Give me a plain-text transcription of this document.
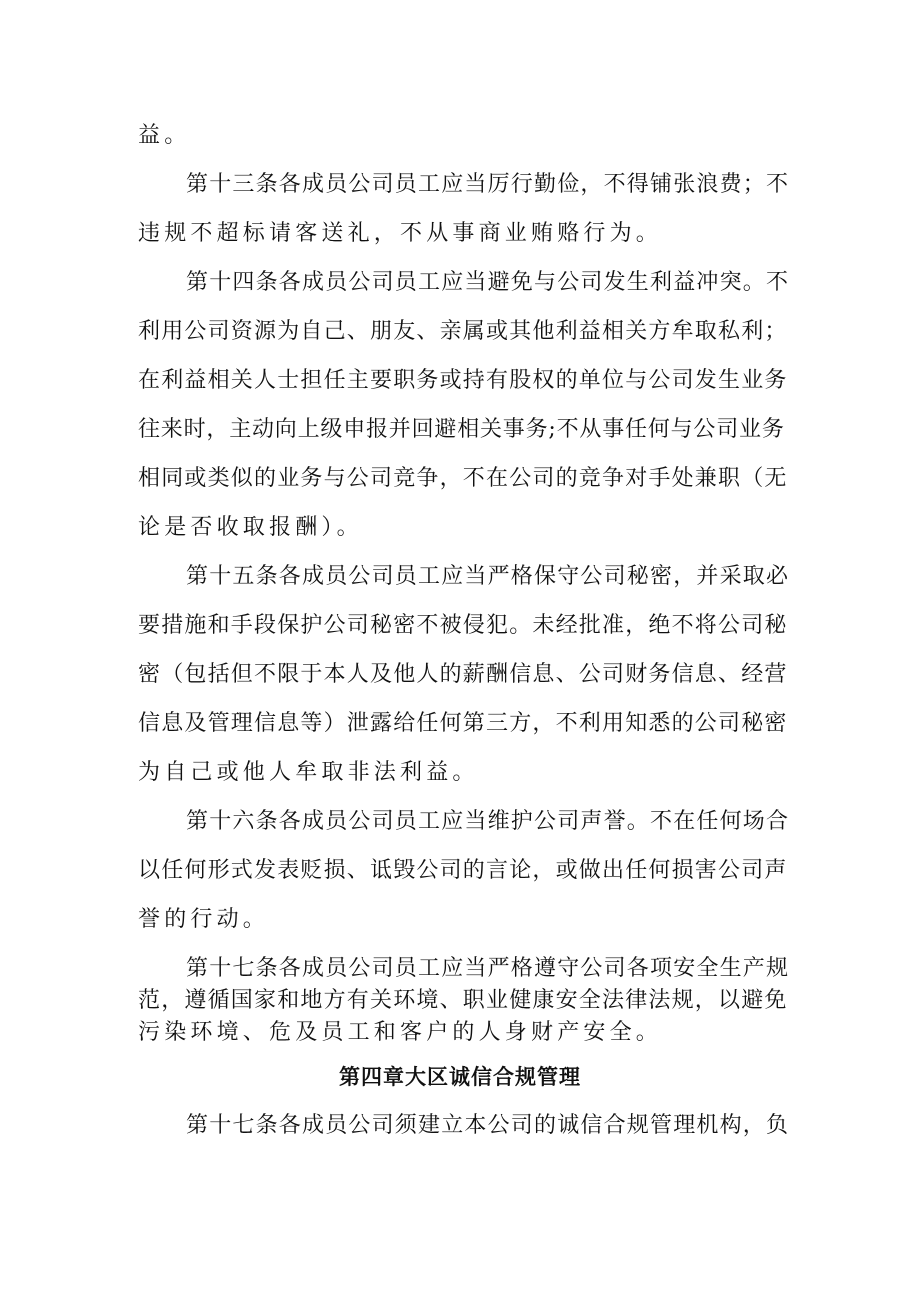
益。
第十三条各成员公司员工应当厉行勤俭，不得铺张浪费；不
违规不超标请客送礼，不从事商业贿赂行为。
第十四条各成员公司员工应当避免与公司发生利益冲突。不
利用公司资源为自己、朋友、亲属或其他利益相关方牟取私利；
在利益相关人士担任主要职务或持有股权的单位与公司发生业务
往来时，主动向上级申报并回避相关事务;不从事任何与公司业务
相同或类似的业务与公司竞争，不在公司的竞争对手处兼职（无
论是否收取报酬）。
第十五条各成员公司员工应当严格保守公司秘密，并采取必
要措施和手段保护公司秘密不被侵犯。未经批准，绝不将公司秘
密（包括但不限于本人及他人的薪酬信息、公司财务信息、经营
信息及管理信息等）泄露给任何第三方，不利用知悉的公司秘密
为自己或他人牟取非法利益。
第十六条各成员公司员工应当维护公司声誉。不在任何场合
以任何形式发表贬损、诋毁公司的言论，或做出任何损害公司声
誉的行动。
第十七条各成员公司员工应当严格遵守公司各项安全生产规
范，遵循国家和地方有关环境、职业健康安全法律法规，以避免
污染环境、危及员工和客户的人身财产安全。
第四章大区诚信合规管理
第十七条各成员公司须建立本公司的诚信合规管理机构，负
